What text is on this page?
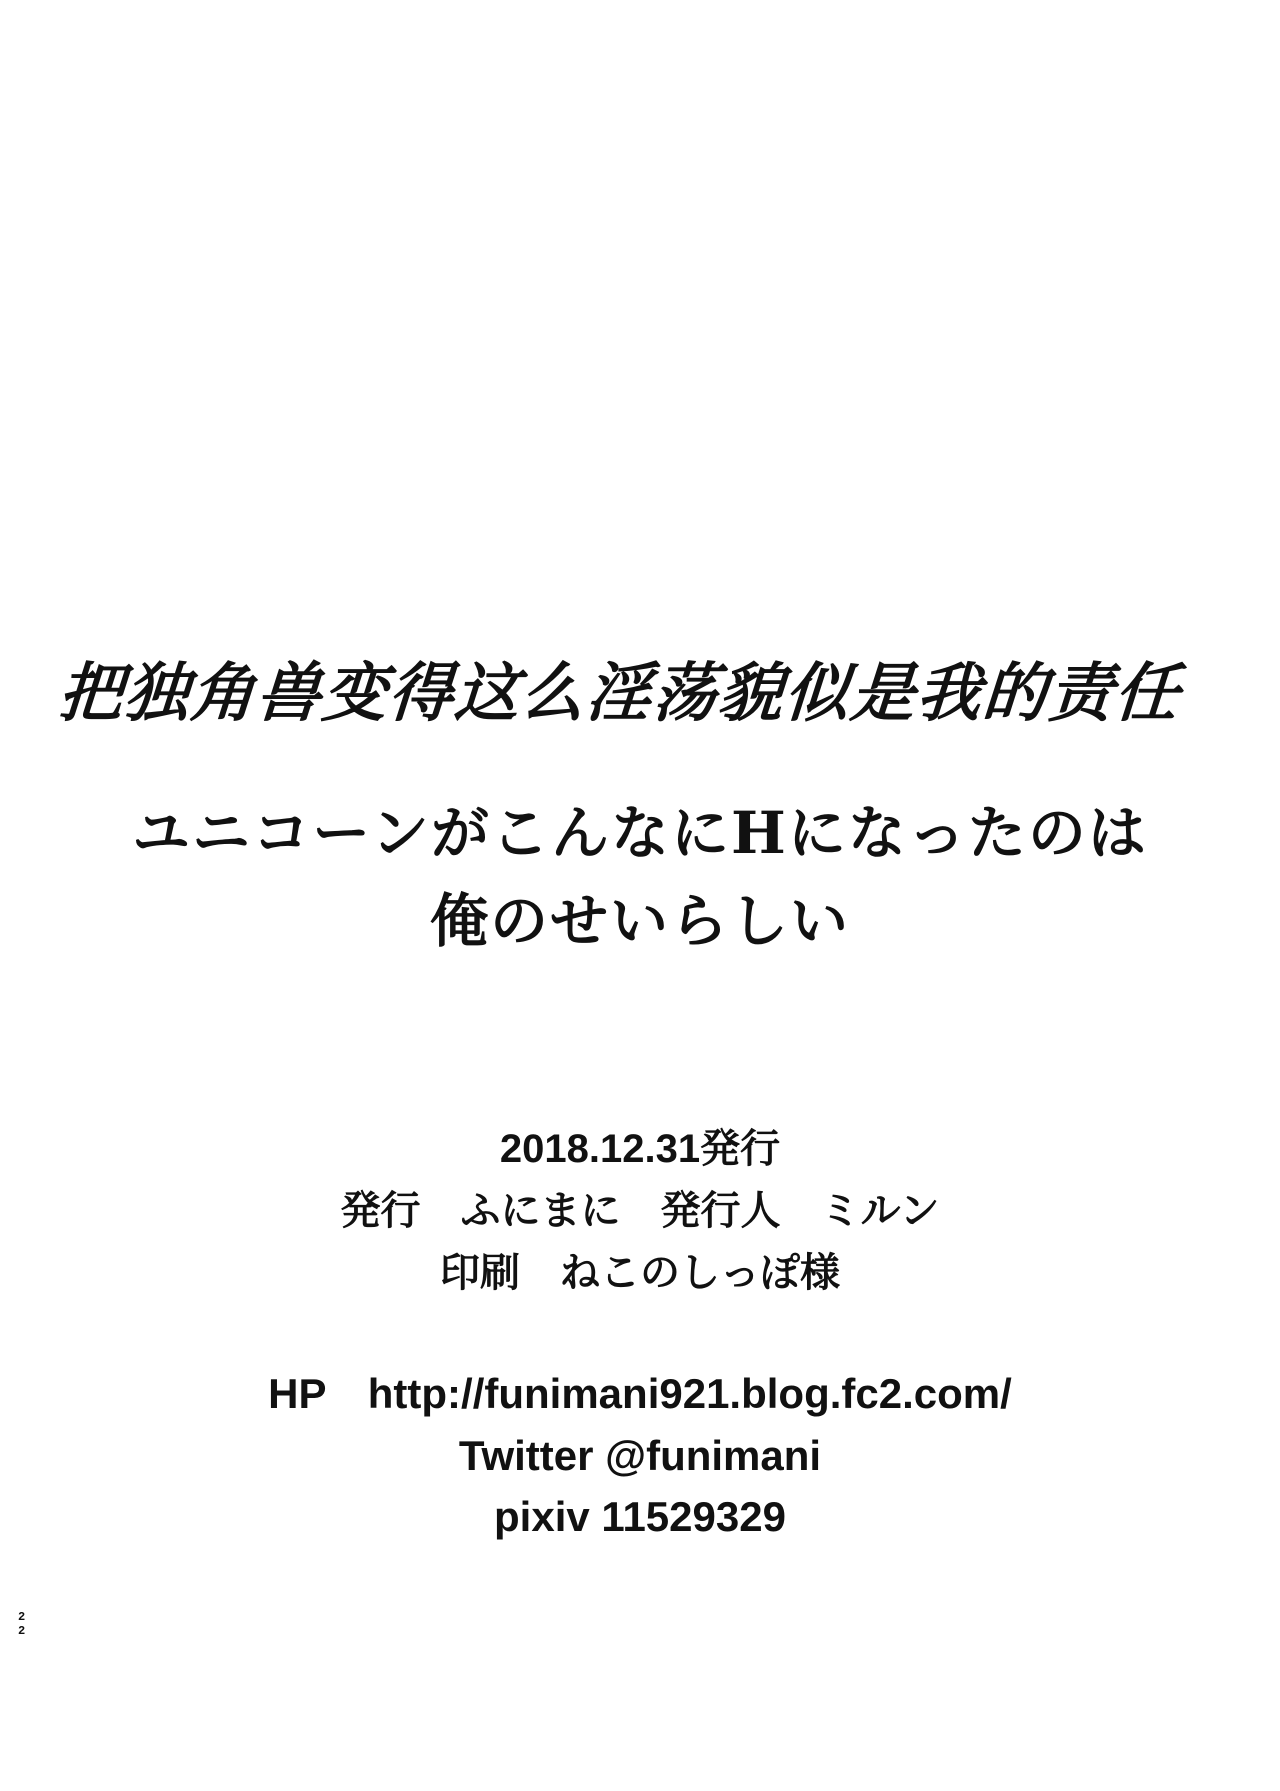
把独角兽变得这么淫荡貌似是我的责任
ユニコーンがこんなにHになったのは
俺のせいらしい
2018.12.31発行
発行　ふにまに　発行人　ミルン
印刷　ねこのしっぽ様
HP　http://funimani921.blog.fc2.com/
Twitter @funimani
pixiv 11529329
22
